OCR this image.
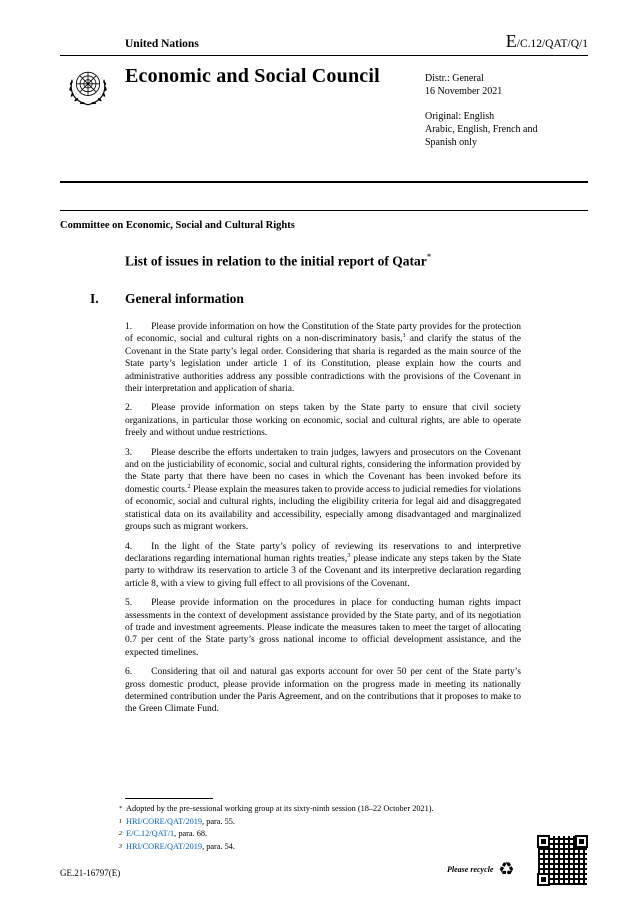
United Nations	E/C.12/QAT/Q/1
Economic and Social Council	Distr.: General
16 November 2021
Original: English
Arabic, English, French and Spanish only
Committee on Economic, Social and Cultural Rights
List of issues in relation to the initial report of Qatar*
I. General information
1. Please provide information on how the Constitution of the State party provides for the protection of economic, social and cultural rights on a non-discriminatory basis,$^1$ and clarify the status of the Covenant in the State party’s legal order. Considering that sharia is regarded as the main source of the State party’s legislation under article 1 of its Constitution, please explain how the courts and administrative authorities address any possible contradictions with the provisions of the Covenant in their interpretation and application of sharia.
2. Please provide information on steps taken by the State party to ensure that civil society organizations, in particular those working on economic, social and cultural rights, are able to operate freely and without undue restrictions.
3. Please describe the efforts undertaken to train judges, lawyers and prosecutors on the Covenant and on the justiciability of economic, social and cultural rights, considering the information provided by the State party that there have been no cases in which the Covenant has been invoked before its domestic courts.$^2$ Please explain the measures taken to provide access to judicial remedies for violations of economic, social and cultural rights, including the eligibility criteria for legal aid and disaggregated statistical data on its availability and accessibility, especially among disadvantaged and marginalized groups such as migrant workers.
4. In the light of the State party’s policy of reviewing its reservations to and interpretive declarations regarding international human rights treaties,$^3$ please indicate any steps taken by the State party to withdraw its reservation to article 3 of the Covenant and its interpretive declaration regarding article 8, with a view to giving full effect to all provisions of the Covenant.
5. Please provide information on the procedures in place for conducting human rights impact assessments in the context of development assistance provided by the State party, and of its negotiation of trade and investment agreements. Please indicate the measures taken to meet the target of allocating 0.7 per cent of the State party’s gross national income to official development assistance, and the expected timelines.
6. Considering that oil and natural gas exports account for over 50 per cent of the State party’s gross domestic product, please provide information on the progress made in meeting its nationally determined contribution under the Paris Agreement, and on the contributions that it proposes to make to the Green Climate Fund.
* Adopted by the pre-sessional working group at its sixty-ninth session (18–22 October 2021).
$^1$ HRI/CORE/QAT/2019, para. 55.
$^2$ E/C.12/QAT/1, para. 68.
$^3$ HRI/CORE/QAT/2019, para. 54.
GE.21-16797(E)	Please recycle ♻
